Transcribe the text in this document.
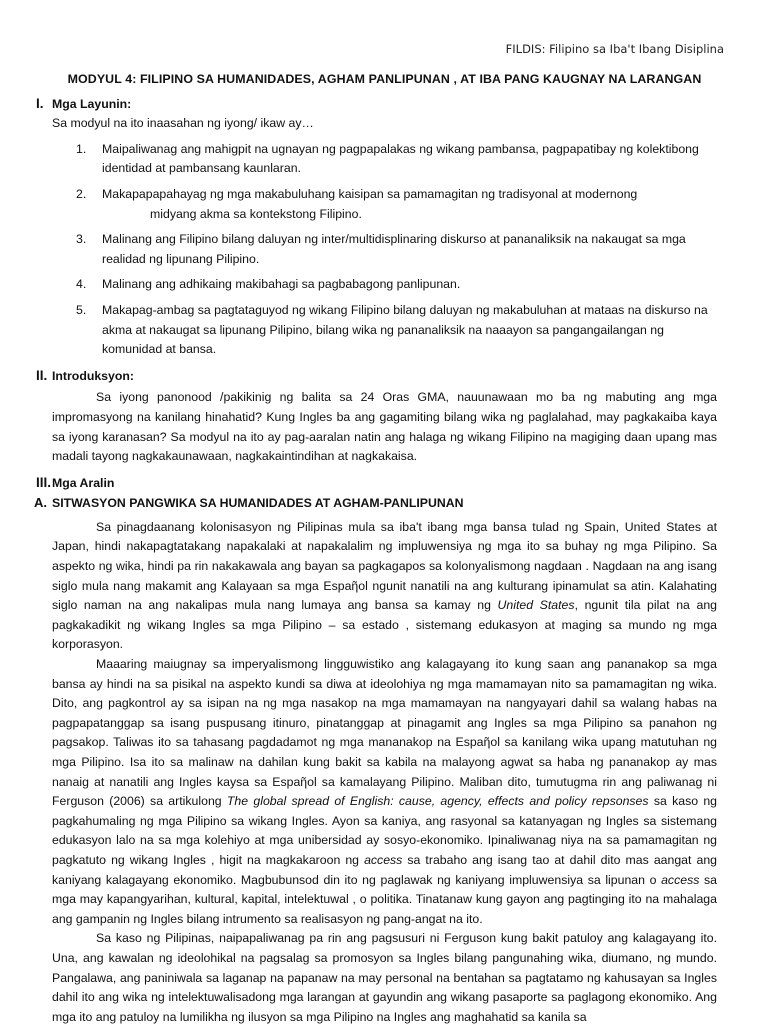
FILDIS: Filipino sa Iba't Ibang Disiplina
MODYUL 4: FILIPINO SA HUMANIDADES, AGHAM PANLIPUNAN , AT IBA PANG KAUGNAY NA LARANGAN
I. Mga Layunin:

Sa modyul na ito inaasahan ng iyong/ ikaw ay…

1.	Maipaliwanag ang mahigpit na ugnayan ng pagpapalakas ng wikang pambansa, pagpapatibay ng kolektibong identidad at pambansang kaunlaran.
2.	Makapapapahayag ng mga makabuluhang kaisipan sa pamamagitan ng tradisyonal at modernong
midyang akma sa kontekstong Filipino.
3.	Malinang ang Filipino bilang daluyan ng inter/multidisplinaring diskurso at pananaliksik na nakaugat sa mga realidad ng lipunang Pilipino.
4.	Malinang ang adhikaing makibahagi sa pagbabagong panlipunan.
5.	Makapag-ambag sa pagtataguyod ng wikang Filipino bilang daluyan ng makabuluhan at mataas na diskurso na akma at nakaugat sa lipunang Pilipino, bilang wika ng pananaliksik na naaayon sa pangangailangan ng komunidad at bansa.
II. Introduksyon:

Sa iyong panonood /pakikinig ng balita sa 24 Oras GMA, nauunawaan mo ba ng mabuting ang mga impromasyong na kanilang hinahatid? Kung Ingles ba ang gagamiting bilang wika ng paglalahad, may pagkakaiba kaya sa iyong karanasan? Sa modyul na ito ay pag-aaralan natin ang halaga ng wikang Filipino na magiging daan upang mas madali tayong nagkakaunawaan, nagkakaintindihan at nagkakaisa.

III. Mga Aralin
A. SITWASYON PANGWIKA SA HUMANIDADES AT AGHAM-PANLIPUNAN

Sa pinagdaanang kolonisasyon ng Pilipinas mula sa iba't ibang mga bansa tulad ng Spain, United States at Japan, hindi nakapagtatakang napakalaki at napakalalim ng impluwensiya ng mga ito sa buhay ng mga Pilipino. Sa aspekto ng wika, hindi pa rin nakakawala ang bayan sa pagkagapos sa kolonyalismong nagdaan . Nagdaan na ang isang siglo mula nang makamit ang Kalayaan sa mga Espaῆol ngunit nanatili na ang kulturang ipinamulat sa atin. Kalahating siglo naman na ang nakalipas mula nang lumaya ang bansa sa kamay ng United States, ngunit tila pilat na ang pagkakadikit ng wikang Ingles sa mga Pilipino – sa estado , sistemang edukasyon at maging sa mundo ng mga korporasyon.

Maaaring maiugnay sa imperyalismong lingguwistiko ang kalagayang ito kung saan ang pananakop sa mga bansa ay hindi na sa pisikal na aspekto kundi sa diwa at ideolohiya ng mga mamamayan nito sa pamamagitan ng wika. Dito, ang pagkontrol ay sa isipan na ng mga nasakop na mga mamamayan na nangyayari dahil sa walang habas na pagpapatanggap sa isang puspusang itinuro, pinatanggap at pinagamit ang Ingles sa mga Pilipino sa panahon ng pagsakop. Taliwas ito sa tahasang pagdadamot ng mga mananakop na Espaῆol sa kanilang wika upang matutuhan ng mga Pilipino. Isa ito sa malinaw na dahilan kung bakit sa kabila na malayong agwat sa haba ng pananakop ay mas nanaig at nanatili ang Ingles kaysa sa Espaῆol sa kamalayang Pilipino. Maliban dito, tumutugma rin ang paliwanag ni Ferguson (2006) sa artikulong The global spread of English: cause, agency, effects and policy repsonses sa kaso ng pagkahumaling ng mga Pilipino sa wikang Ingles. Ayon sa kaniya, ang rasyonal sa katanyagan ng Ingles sa sistemang edukasyon lalo na sa mga kolehiyo at mga unibersidad ay sosyo-ekonomiko. Ipinaliwanag niya na sa pamamagitan ng pagkatuto ng wikang Ingles , higit na magkakaroon ng access sa trabaho ang isang tao at dahil dito mas aangat ang kaniyang kalagayang ekonomiko. Magbubunsod din ito ng paglawak ng kaniyang impluwensiya sa lipunan o access sa mga may kapangyarihan, kultural, kapital, intelektuwal , o politika. Tinatanaw kung gayon ang pagtinging ito na mahalaga ang gampanin ng Ingles bilang intrumento sa realisasyon ng pang-angat na ito.

Sa kaso ng Pilipinas, naipapaliwanag pa rin ang pagsusuri ni Ferguson kung bakit patuloy ang kalagayang ito. Una, ang kawalan ng ideolohikal na pagsalag sa promosyon sa Ingles bilang pangunahing wika, diumano, ng mundo. Pangalawa, ang paniniwala sa laganap na papanaw na may personal na bentahan sa pagtatamo ng kahusayan sa Ingles dahil ito ang wika ng intelektuwalisadong mga larangan at gayundin ang wikang pasaporte sa paglagong ekonomiko. Ang mga ito ang patuloy na lumilikha ng ilusyon sa mga Pilipino na Ingles ang maghahatid sa kanila sa
